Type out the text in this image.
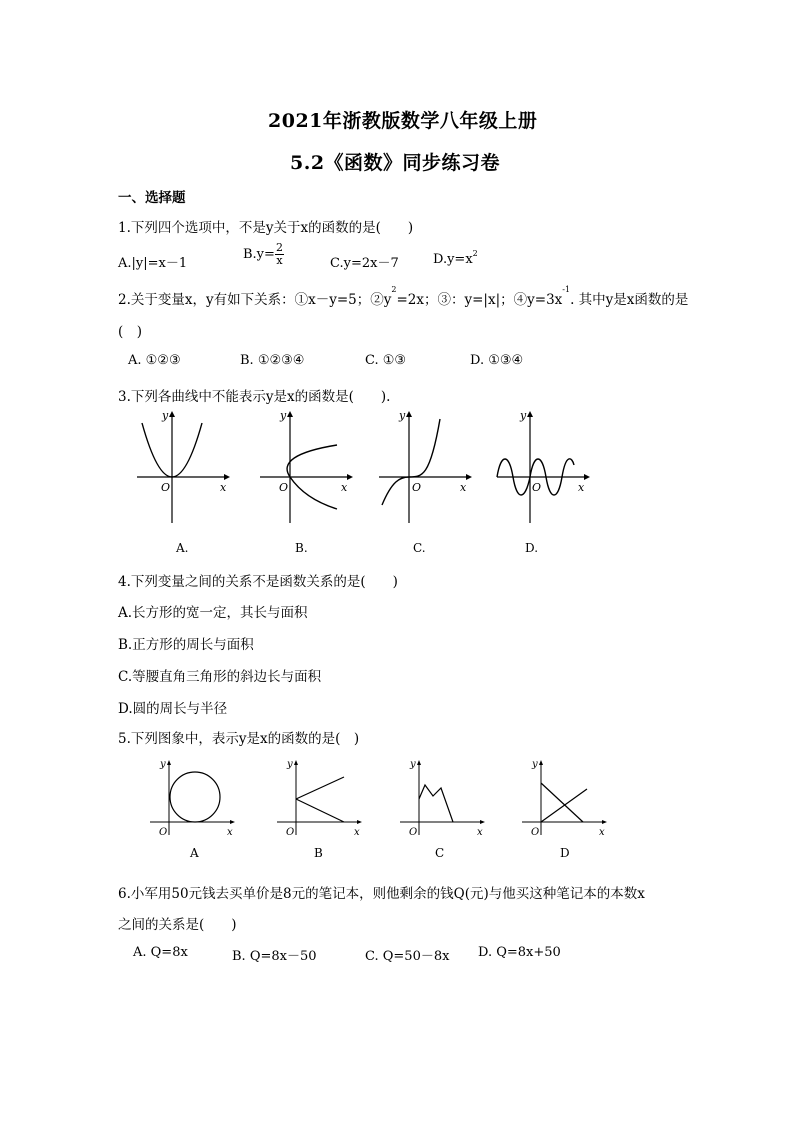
2021年浙教版数学八年级上册
5.2《函数》同步练习卷
一、选择题
1.下列四个选项中，不是y关于x的函数的是(　　)
A.|y|=x－1
$B.y= \frac{2}{x}$	C.y=2x－7	$D.y=x^2$
2.关于变量x，y有如下关系：①x－y=5；$②y^2=2x$；③：y=|x|；$④y=3x^{-1}$. 其中y是x函数的是
(　)
A. ①②③	B. ①②③④	C. ①③	D. ①③④
3.下列各曲线中不能表示y是x的函数是(　　).
O	x
y
A.
O	x
y
B.
O	x
y
C.
O	x
y
D.
4.下列变量之间的关系不是函数关系的是(　　)
A.长方形的宽一定，其长与面积
B.正方形的周长与面积
C.等腰直角三角形的斜边长与面积
D.圆的周长与半径
5.下列图象中，表示y是x的函数的是(　)
O	x
y
A
O	x
y
B
O	x
y
C
O	x
y
D
6.小军用50元钱去买单价是8元的笔记本，则他剩余的钱Q(元)与他买这种笔记本的本数x
之间的关系是(　　)
A. Q=8x	B. Q=8x－50	C. Q=50－8x D. Q=8x+50
